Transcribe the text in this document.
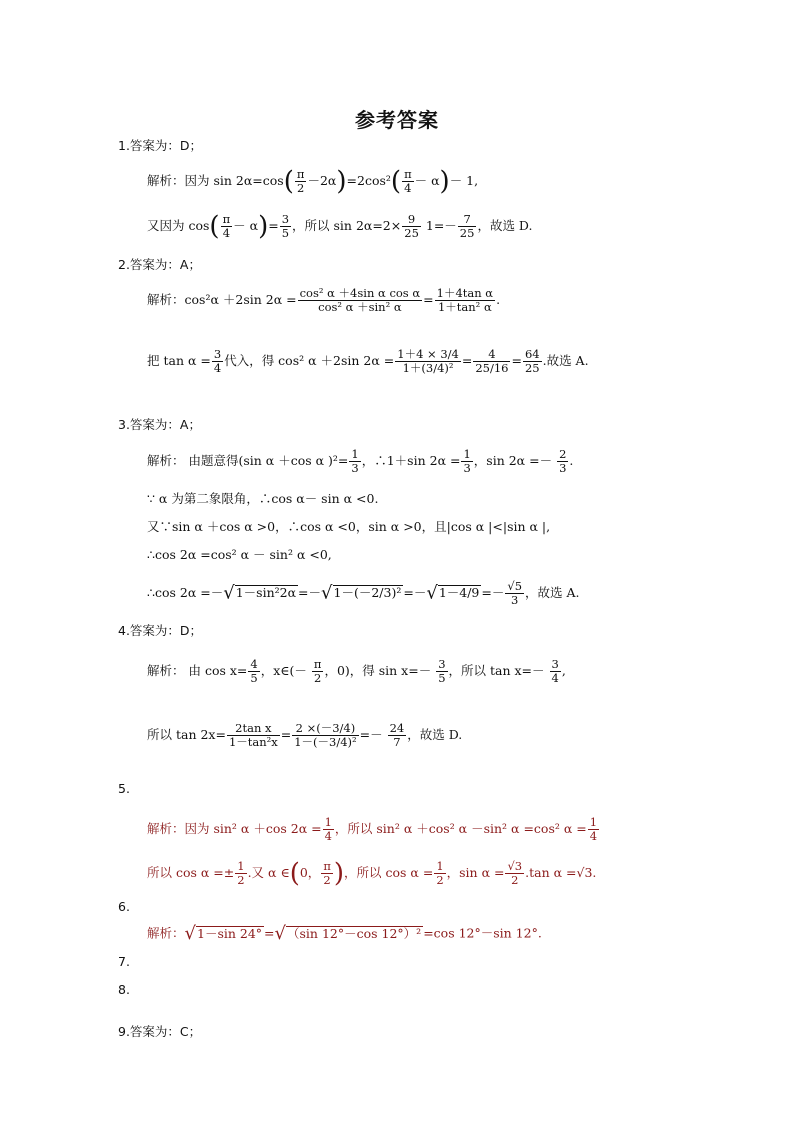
参考答案
1.答案为：D；
解析：因为 $\sin 2\alpha=\cos( \frac{\pi}{2} -2\alpha)=2\cos^2( \frac{\pi}{4} - \alpha)- 1$,
又因为 $\cos( \frac{\pi}{4} - \alpha)= \frac{3}{5}$ ，所以 $\sin 2\alpha=2\times \frac{9}{25} 1=- \frac{7}{25}$ ，故选 D.
2.答案为：A；
解析：cos²α ＋2sin $2\alpha = \frac{\text{cos² α ＋4sin α cos α}}{\text{cos² α ＋sin² α}} = \frac{\text{1＋4tan α}}{\text{1＋tan² α}}$ .
把 $\tan \alpha = \frac{3}{4}$ 代入，得 cos² α ＋2sin $2\alpha = \frac{1+4 \times 3/4}{\text{1＋(3/4)²}} = \frac{4}{25/16} = \frac{64}{25}$ .故选 A.
3.答案为：A；
解析： 由题意得(sin α ＋cos α )$^2= \frac{1}{3}$ ，∴1＋sin $2\alpha = \frac{1}{3}$ ，$\sin 2\alpha =- \frac{2}{3}$ .
∵ α 为第二象限角，∴cos α－ sin α <0.
又∵sin α ＋cos α >0，∴cos α <0，sin α >0，且|cos α |<|sin α |,
∴cos 2α =cos² α － sin² α <0,
∴cos $2\alpha =-√1-\sin^22\alpha =-√1-(-2/3)^2 =-√1-4/9 =- \frac{√5}{3}$ ，故选 A.
4.答案为：D；
解析： 由 $\cos x= \frac{4}{5}$ ，x∈(－ $\frac{\pi}{2}$ ，0)，得 $\sin x=- \frac{3}{5}$ ，所以 $\tan x=- \frac{3}{4}$ ,
所以 $\tan 2x= \frac{\text{2tan x}}{\text{1－tan²x}} = \frac{2 \times(-3/4)}{\text{1－(－3/4)²}} =- \frac{24}{7}$ ，故选 D.
5.
解析：因为 sin² α ＋cos $2\alpha = \frac{1}{4}$ ，所以 sin² α ＋cos² α －sin² α =cos² $\alpha = \frac{1}{4}$
所以 $\cos \alpha =\pm \frac{1}{2}$ .又 α ∈(0， $\frac{\pi}{2}$ )，所以 $\cos \alpha = \frac{1}{2}$ ，$\sin \alpha = \frac{√3}{2} .\tan$ α =√3.
6.
解析：√1－sin 24° =√（sin 12°－cos 12°）² =cos 12°－sin 12°.
7.
8.
9.答案为：C；
